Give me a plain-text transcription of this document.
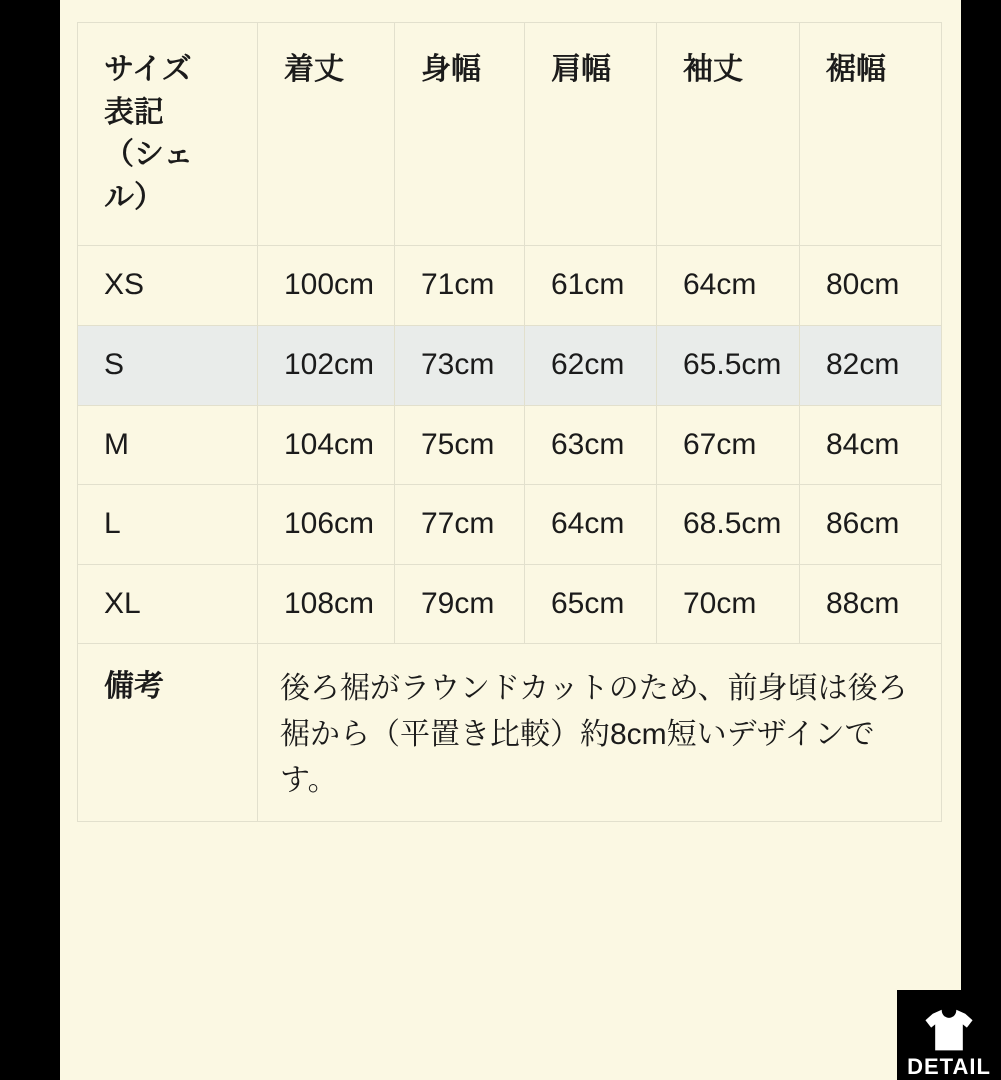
サイズ表記（シェル）	着丈	身幅	肩幅	袖丈	裾幅
XS	100cm	71cm	61cm	64cm	80cm
S	102cm	73cm	62cm	65.5cm	82cm
M	104cm	75cm	63cm	67cm	84cm
L	106cm	77cm	64cm	68.5cm	86cm
XL	108cm	79cm	65cm	70cm	88cm
備考	後ろ裾がラウンドカットのため、前身頃は後ろ裾から（平置き比較）約8cm短いデザインです。				
DETAIL
